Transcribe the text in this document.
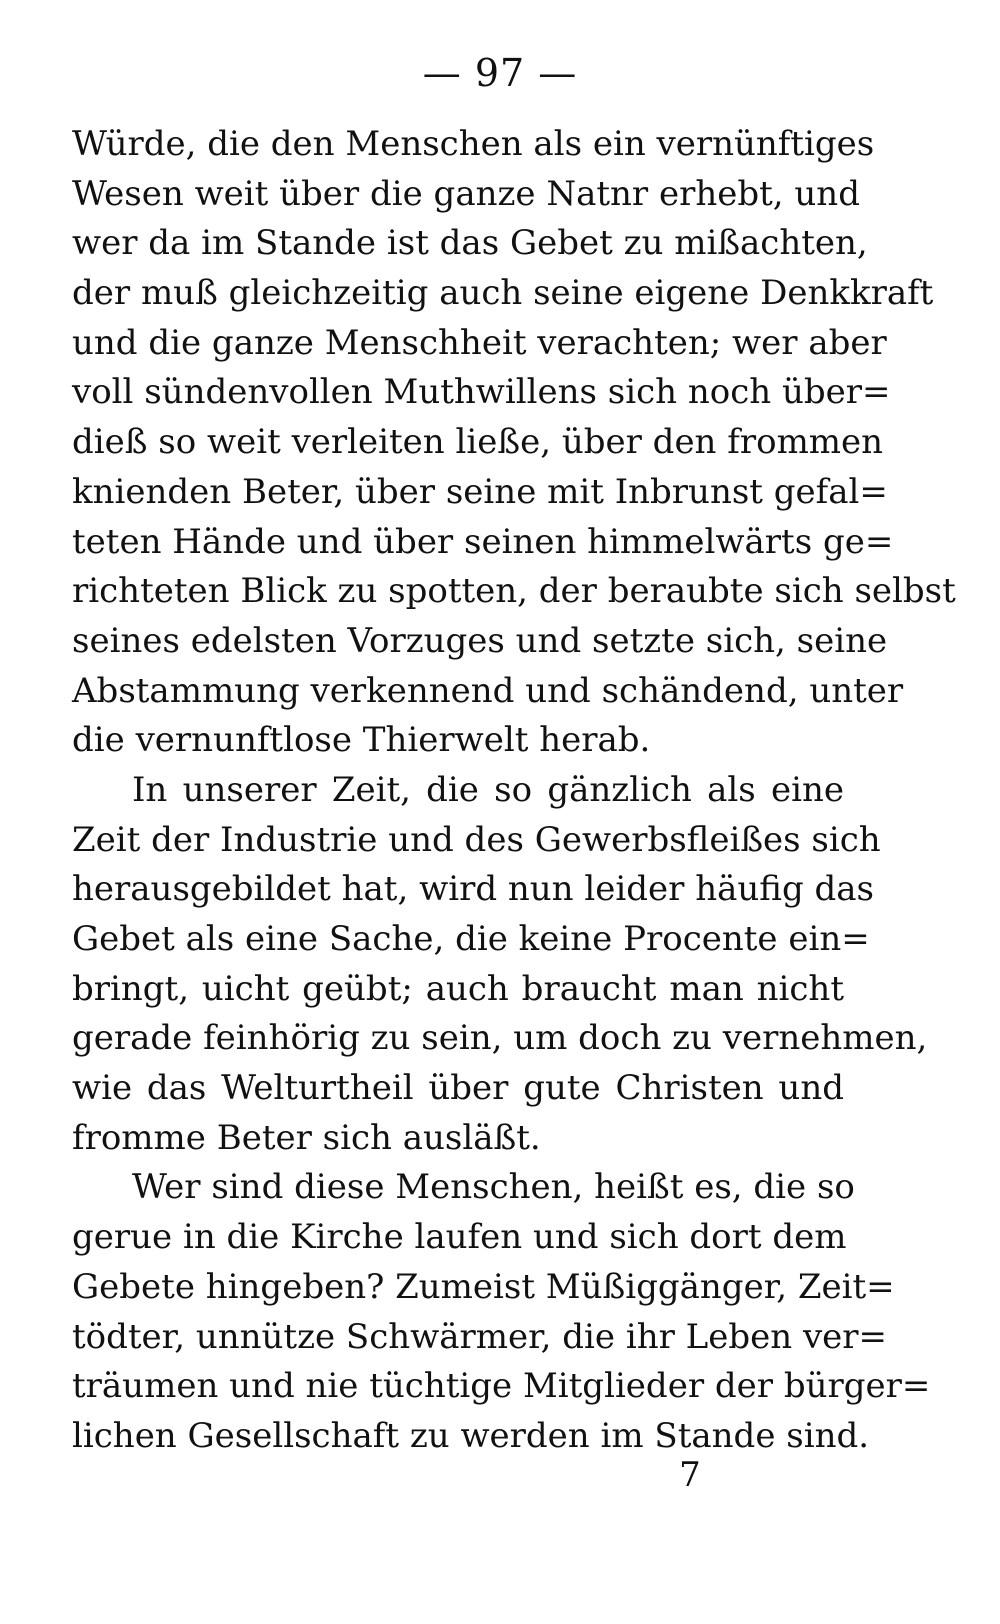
— 97 —
Würde, die den Menschen als ein vernünftiges
Wesen weit über die ganze Natnr erhebt, und
wer da im Stande ist das Gebet zu mißachten,
der muß gleichzeitig auch seine eigene Denkkraft
und die ganze Menschheit verachten; wer aber
voll sündenvollen Muthwillens sich noch über=
dieß so weit verleiten ließe, über den frommen
knienden Beter, über seine mit Inbrunst gefal=
teten Hände und über seinen himmelwärts ge=
richteten Blick zu spotten, der beraubte sich selbst
seines edelsten Vorzuges und setzte sich, seine
Abstammung verkennend und schändend, unter
die vernunftlose Thierwelt herab.
In unserer Zeit, die so gänzlich als eine
Zeit der Industrie und des Gewerbsfleißes sich
herausgebildet hat, wird nun leider häufig das
Gebet als eine Sache, die keine Procente ein=
bringt, uicht geübt; auch braucht man nicht
gerade feinhörig zu sein, um doch zu vernehmen,
wie das Welturtheil über gute Christen und
fromme Beter sich ausläßt.
Wer sind diese Menschen, heißt es, die so
gerue in die Kirche laufen und sich dort dem
Gebete hingeben? Zumeist Müßiggänger, Zeit=
tödter, unnütze Schwärmer, die ihr Leben ver=
träumen und nie tüchtige Mitglieder der bürger=
lichen Gesellschaft zu werden im Stande sind.
7
